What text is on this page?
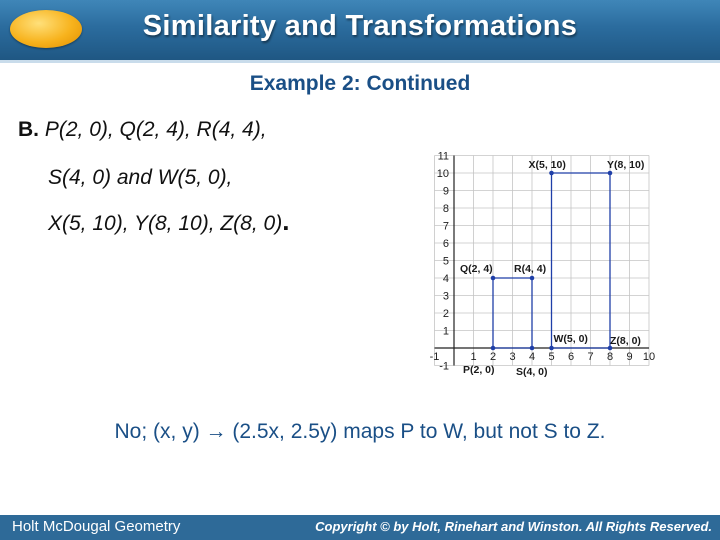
Similarity and Transformations
Example 2: Continued
B. P(2, 0), Q(2, 4), R(4, 4),
S(4, 0) and W(5, 0),
X(5, 10), Y(8, 10), Z(8, 0).
-1	1 2 3 4 5 6 7 8 9 10
-1
1
2
3
4
5
6
7
8
9
10
11
P(2, 0)
Q(2, 4) R(4, 4)
S(4, 0)
W(5, 0)
X(5, 10)	Y(8, 10)
Z(8, 0)
No; (x, y) → (2.5x, 2.5y) maps P to W, but not S to Z.
Holt McDougal Geometry	Copyright © by Holt, Rinehart and Winston. All Rights Reserved.
